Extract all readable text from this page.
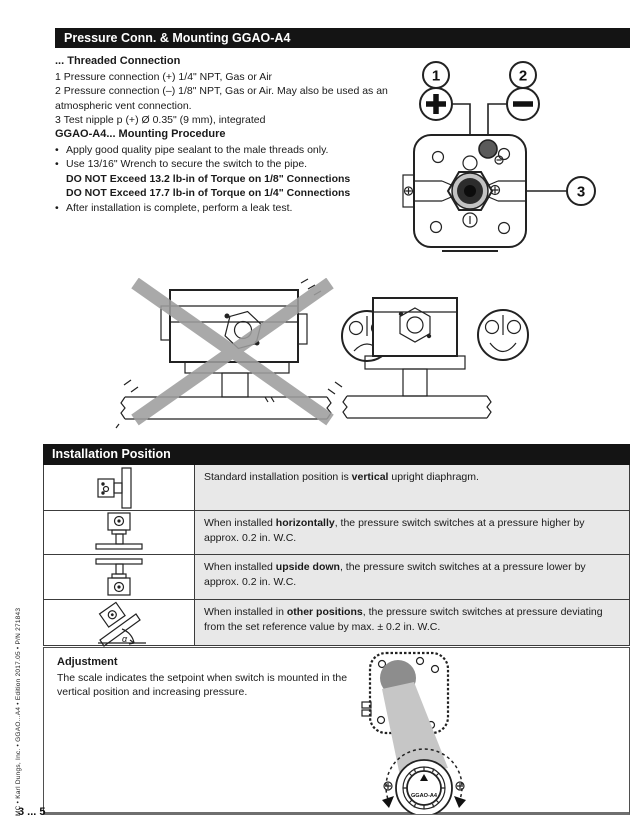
Pressure Conn. & Mounting GGAO-A4
... Threaded Connection
1 Pressure connection (+) 1/4" NPT, Gas or Air
2 Pressure connection (–) 1/8" NPT, Gas or Air. May also be used as an atmospheric vent connection.
3 Test nipple p (+) Ø 0.35" (9 mm), integrated
GGAO-A4... Mounting Procedure
• Apply good quality pipe sealant to the male threads only.
• Use 13/16" Wrench to secure the switch to the pipe.
DO NOT Exceed 13.2 lb-in of Torque on 1/8" Connections
DO NOT Exceed 17.7 lb-in of Torque on 1/4" Connections
• After installation is complete, perform a leak test.
1	2
3
Installation Position
Standard installation position is vertical upright diaphragm.
When installed horizontally, the pressure switch switches at a pressure higher by approx. 0.2 in. W.C.
When installed upside down, the pressure switch switches at a pressure lower by approx. 0.2 in. W.C.
α
When installed in other positions, the pressure switch switches at pressure deviating from the set reference value by max. ± 0.2 in. W.C.
Adjustment
The scale indicates the setpoint when switch is mounted in the vertical position and increasing pressure.
GGAO-A4
MC • Karl Dungs, Inc. • GGAO...A4 • Edition 2017.05 • P/N 271843
3 ... 5
